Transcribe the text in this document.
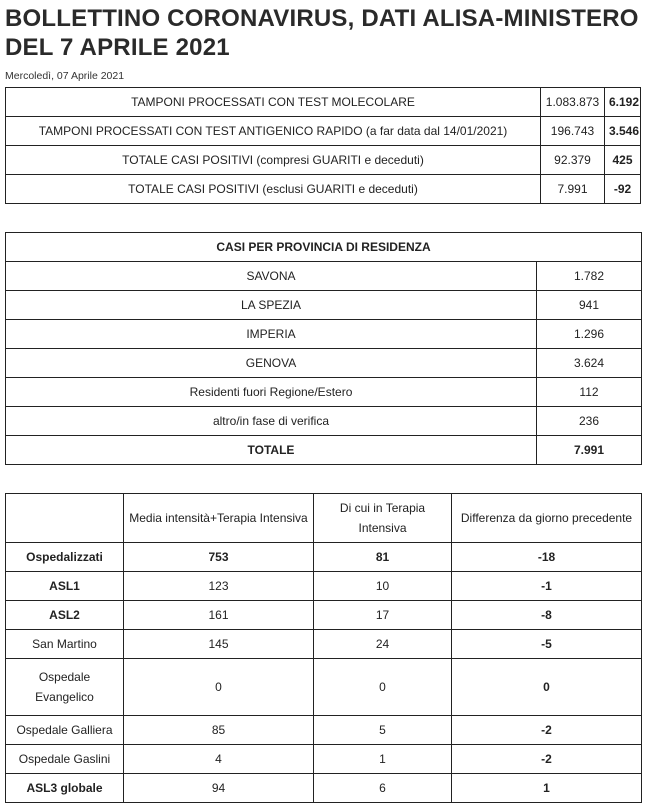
BOLLETTINO CORONAVIRUS, DATI ALISA-MINISTERO DEL 7 APRILE 2021
Mercoledì, 07 Aprile 2021
TAMPONI PROCESSATI CON TEST MOLECOLARE	1.083.873	6.192
TAMPONI PROCESSATI CON TEST ANTIGENICO RAPIDO (a far data dal 14/01/2021)	196.743	3.546
TOTALE CASI POSITIVI (compresi GUARITI e deceduti)	92.379	425
TOTALE CASI POSITIVI (esclusi GUARITI e deceduti)	7.991	-92

CASI PER PROVINCIA DI RESIDENZA	
SAVONA	1.782
LA SPEZIA	941
IMPERIA	1.296
GENOVA	3.624
Residenti fuori Regione/Estero	112
altro/in fase di verifica	236
TOTALE	7.991
	Media intensità+Terapia Intensiva	Di cui in Terapia Intensiva	Differenza da giorno precedente
Ospedalizzati	753	81	-18
ASL1	123	10	-1
ASL2	161	17	-8
San Martino	145	24	-5
Ospedale Evangelico	0	0	0
Ospedale Galliera	85	5	-2
Ospedale Gaslini	4	1	-2
ASL3 globale	94	6	1
